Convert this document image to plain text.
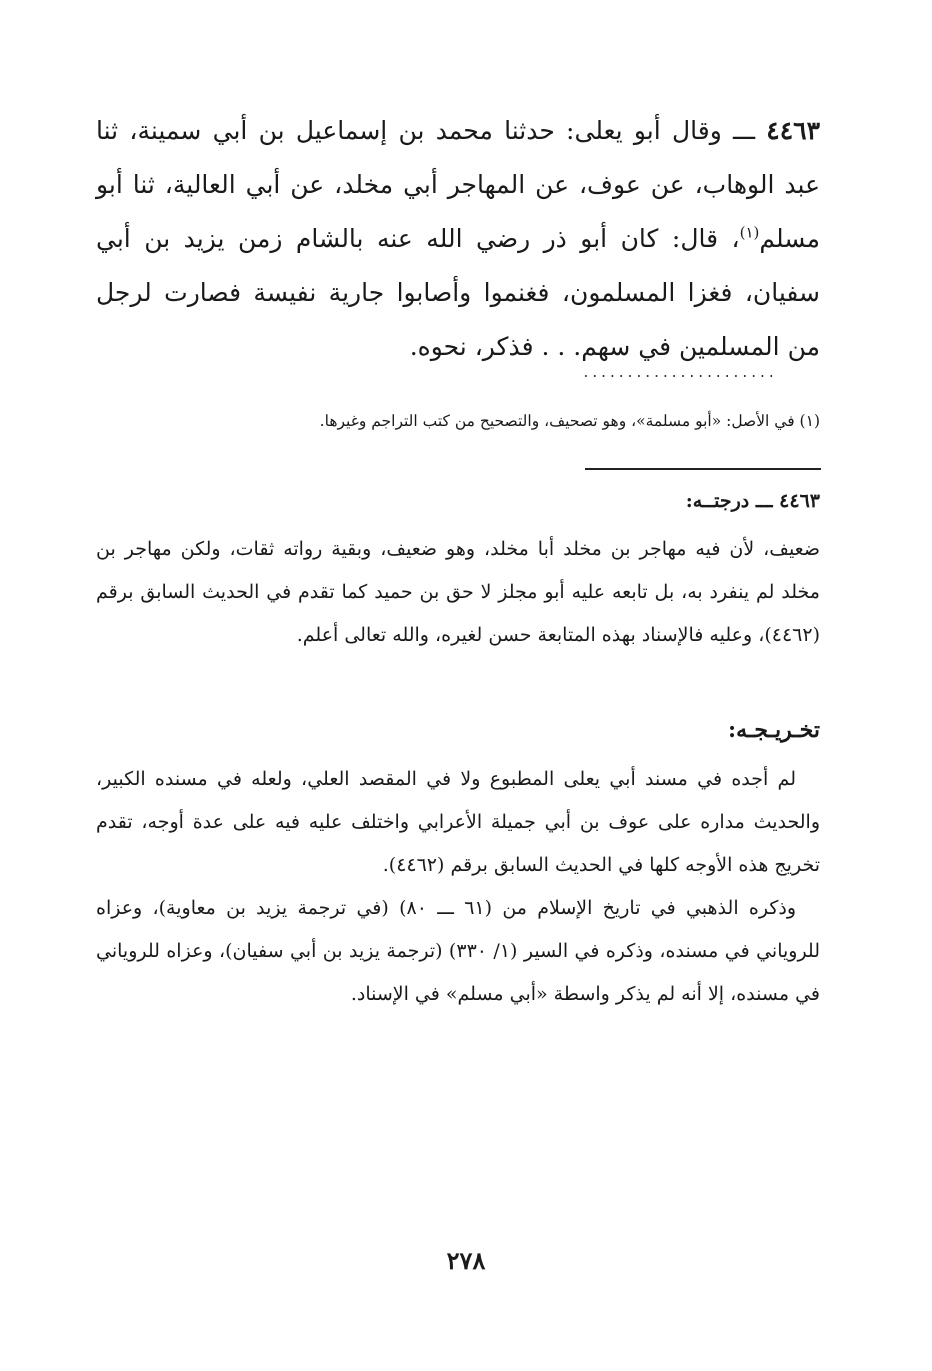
٤٤٦٣ ـــ وقال أبو يعلى: حدثنا محمد بن إسماعيل بن أبي سمينة، ثنا عبد الوهاب، عن عوف، عن المهاجر أبي مخلد، عن أبي العالية، ثنا أبو مسلم$^{(١)}$، قال: كان أبو ذر رضي الله عنه بالشام زمن يزيد بن أبي سفيان، فغزا المسلمون، فغنموا وأصابوا جارية نفيسة فصارت لرجل من المسلمين في سهم. . . فذكر، نحوه.
......................
(١) في الأصل: «أبو مسلمة»، وهو تصحيف، والتصحيح من كتب التراجم وغيرها.
٤٤٦٣ ـــ درجتــه:
ضعيف، لأن فيه مهاجر بن مخلد أبا مخلد، وهو ضعيف، وبقية رواته ثقات، ولكن مهاجر بن مخلد لم ينفرد به، بل تابعه عليه أبو مجلز لا حق بن حميد كما تقدم في الحديث السابق برقم (٤٤٦٢)، وعليه فالإسناد بهذه المتابعة حسن لغيره، والله تعالى أعلم.
تخـريـجـه:

لم أجده في مسند أبي يعلى المطبوع ولا في المقصد العلي، ولعله في مسنده الكبير، والحديث مداره على عوف بن أبي جميلة الأعرابي واختلف عليه فيه على عدة أوجه، تقدم تخريج هذه الأوجه كلها في الحديث السابق برقم (٤٤٦٢).

وذكره الذهبي في تاريخ الإسلام من (٦١ ـــ ٨٠) (في ترجمة يزيد بن معاوية)، وعزاه للروياني في مسنده، وذكره في السير (١/ ٣٣٠) (ترجمة يزيد بن أبي سفيان)، وعزاه للروياني في مسنده، إلا أنه لم يذكر واسطة «أبي مسلم» في الإسناد.

٢٧٨
